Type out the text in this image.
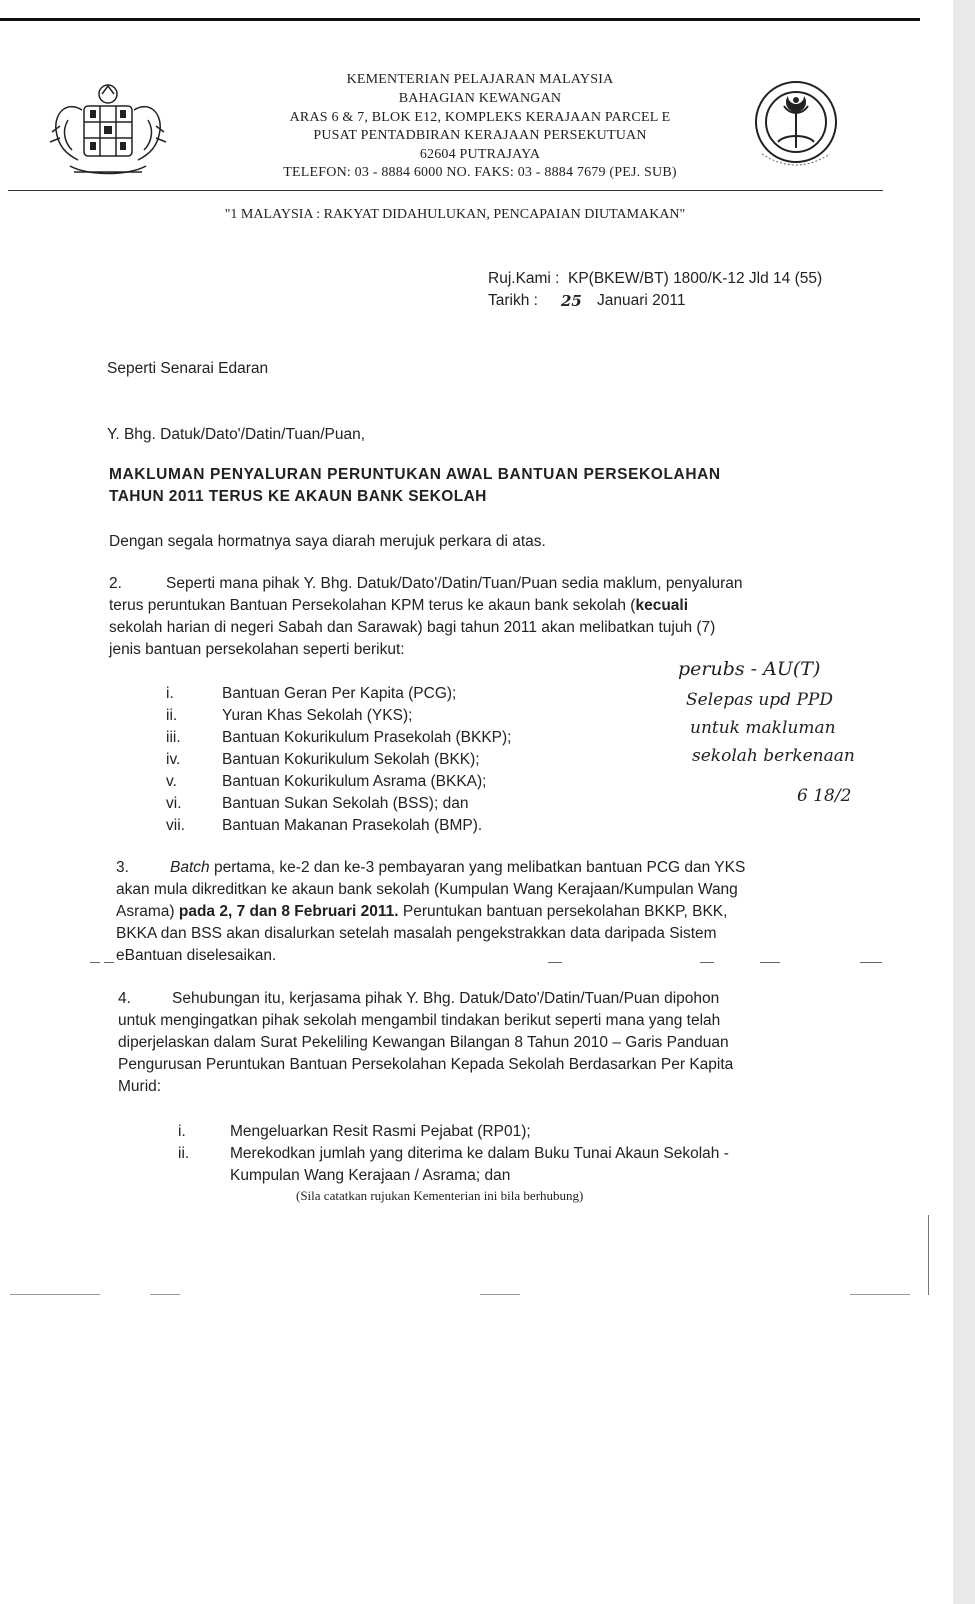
KEMENTERIAN PELAJARAN MALAYSIA
BAHAGIAN KEWANGAN
ARAS 6 & 7, BLOK E12, KOMPLEKS KERAJAAN PARCEL E
PUSAT PENTADBIRAN KERAJAAN PERSEKUTUAN
62604 PUTRAJAYA
TELEFON: 03 - 8884 6000 NO. FAKS: 03 - 8884 7679 (PEJ. SUB)
"1 MALAYSIA : RAKYAT DIDAHULUKAN, PENCAPAIAN DIUTAMAKAN"
Ruj.Kami : KP(BKEW/BT) 1800/K-12 Jld 14 (55)
Tarikh : 25 Januari 2011
Seperti Senarai Edaran
Y. Bhg. Datuk/Dato'/Datin/Tuan/Puan,
MAKLUMAN PENYALURAN PERUNTUKAN AWAL BANTUAN PERSEKOLAHAN
TAHUN 2011 TERUS KE AKAUN BANK SEKOLAH
Dengan segala hormatnya saya diarah merujuk perkara di atas.
2.	Seperti mana pihak Y. Bhg. Datuk/Dato'/Datin/Tuan/Puan sedia maklum, penyaluran
terus peruntukan Bantuan Persekolahan KPM terus ke akaun bank sekolah (kecuali
sekolah harian di negeri Sabah dan Sarawak) bagi tahun 2011 akan melibatkan tujuh (7)
jenis bantuan persekolahan seperti berikut:
i.	Bantuan Geran Per Kapita (PCG);
ii.	Yuran Khas Sekolah (YKS);
iii.	Bantuan Kokurikulum Prasekolah (BKKP);
iv.	Bantuan Kokurikulum Sekolah (BKK);
v.	Bantuan Kokurikulum Asrama (BKKA);
vi.	Bantuan Sukan Sekolah (BSS); dan
vii. Bantuan Makanan Prasekolah (BMP).
perubs - AU(T)
Selepas upd PPD
untuk makluman
sekolah berkenaan
6 18/2
3.	Batch pertama, ke-2 dan ke-3 pembayaran yang melibatkan bantuan PCG dan YKS
akan mula dikreditkan ke akaun bank sekolah (Kumpulan Wang Kerajaan/Kumpulan Wang
Asrama) pada 2, 7 dan 8 Februari 2011. Peruntukan bantuan persekolahan BKKP, BKK,
BKKA dan BSS akan disalurkan setelah masalah pengekstrakkan data daripada Sistem
eBantuan diselesaikan.
4.	Sehubungan itu, kerjasama pihak Y. Bhg. Datuk/Dato'/Datin/Tuan/Puan dipohon
untuk mengingatkan pihak sekolah mengambil tindakan berikut seperti mana yang telah
diperjelaskan dalam Surat Pekeliling Kewangan Bilangan 8 Tahun 2010 – Garis Panduan
Pengurusan Peruntukan Bantuan Persekolahan Kepada Sekolah Berdasarkan Per Kapita
Murid:
i.	Mengeluarkan Resit Rasmi Pejabat (RP01);
ii.	Merekodkan jumlah yang diterima ke dalam Buku Tunai Akaun Sekolah -
Kumpulan Wang Kerajaan / Asrama; dan
(Sila catatkan rujukan Kementerian ini bila berhubung)
